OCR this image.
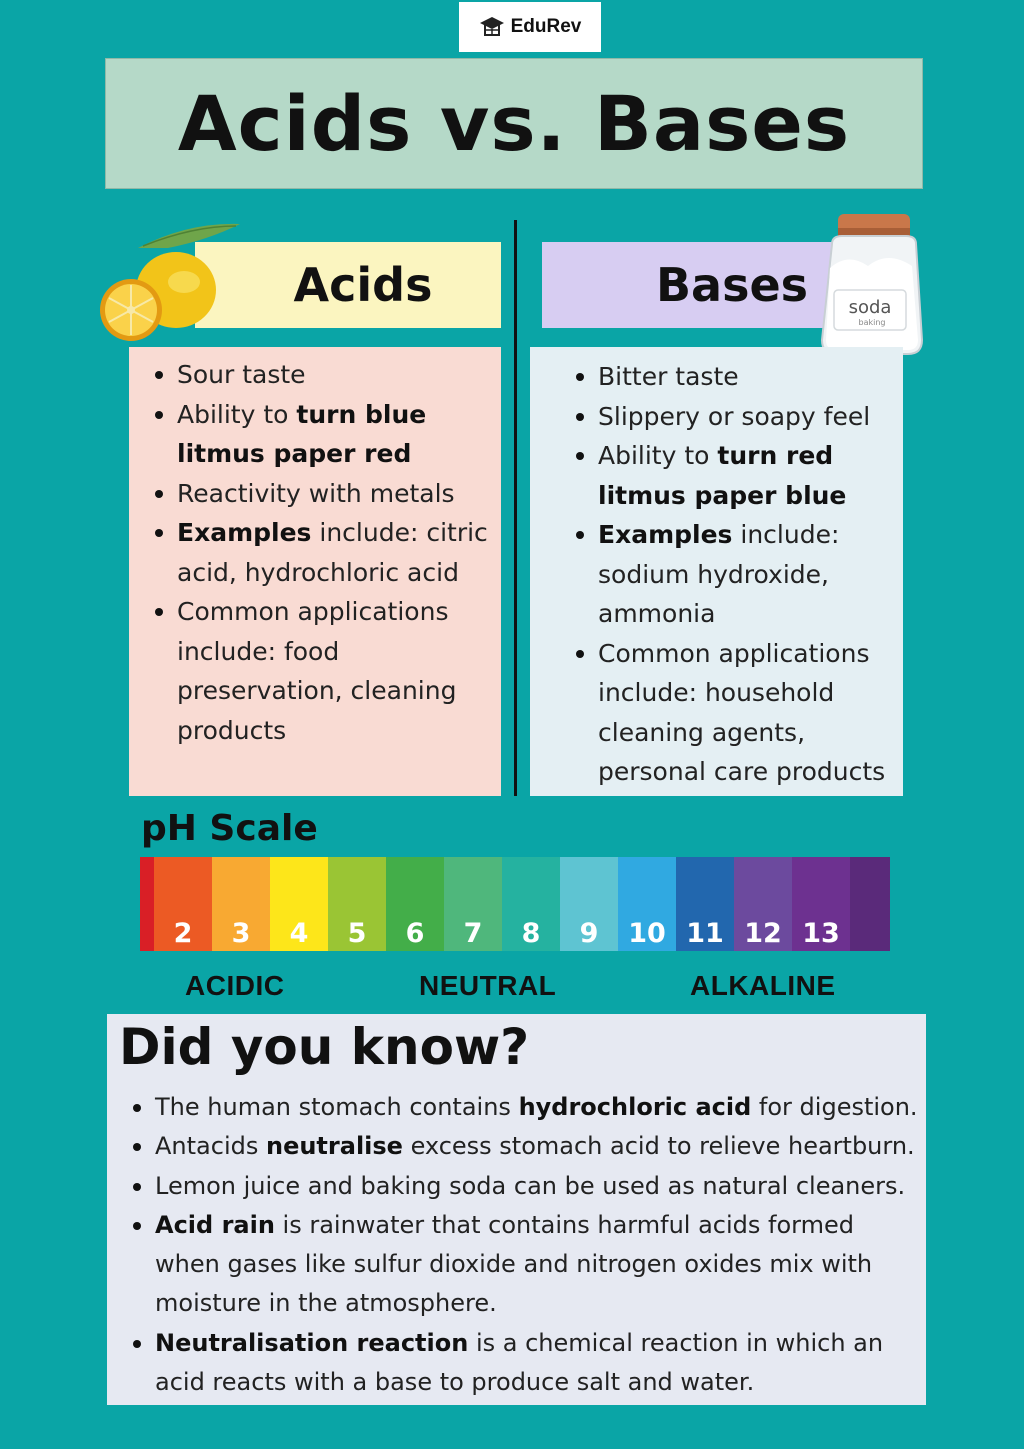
EduRev
Acids vs. Bases
Acids	Bases soda
baking
Sour taste
Ability to turn blue litmus paper red
Reactivity with metals
Examples include: citric acid, hydrochloric acid
Common applications include: food preservation, cleaning products
Bitter taste
Slippery or soapy feel
Ability to turn red litmus paper blue
Examples include: sodium hydroxide, ammonia
Common applications include: household cleaning agents, personal care products
pH Scale
2 3 4 5 6 7 8 9 10 11 12 13
ACIDIC	NEUTRAL	ALKALINE
Did you know?
The human stomach contains hydrochloric acid for digestion.
Antacids neutralise excess stomach acid to relieve heartburn.
Lemon juice and baking soda can be used as natural cleaners.
Acid rain is rainwater that contains harmful acids formed when gases like sulfur dioxide and nitrogen oxides mix with moisture in the atmosphere.
Neutralisation reaction is a chemical reaction in which an acid reacts with a base to produce salt and water.
